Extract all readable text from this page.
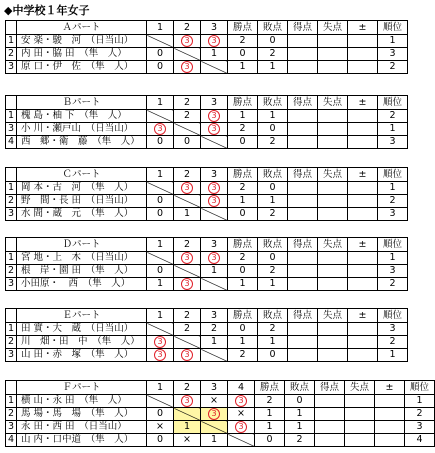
◆中学校１年女子
	Ａパート	1	2	3	勝点	敗点	得点	失点	±	順位
1	安 楽・駿　河　（日当山）		3	3	2	0				1
2	内 田・脇 田　（隼　人）	0		1	0	2				3
3	原 口・伊　佐　（隼　人）	0	3		1	1				2
	Ｂパート	1	2	3	勝点	敗点	得点	失点	±	順位
1	槐 島・柚 下　（隼　人）		2	3	1	1				2
3	小 川・瀬戸山　（日当山）	3		3	2	0				1
4	西　郷・衛　藤　（隼　人）	0	0		0	2				3
	Ｃパート	1	2	3	勝点	敗点	得点	失点	±	順位
1	岡 本・古　河　（隼　人）		3	3	2	0				1
2	野　間・長 田　（日当山）	0		3	1	1				2
3	水 間・蔵　元　（隼　人）	0	1		0	2				3
	Ｄパート	1	2	3	勝点	敗点	得点	失点	±	順位
1	宮 地・上　木　（日当山）		3	3	2	0				1
2	根　岸・園 田　（隼　人）	0		1	0	2				3
3	小田原・　西　（隼　人）	1	3		1	1				2
	Ｅパート	1	2	3	勝点	敗点	得点	失点	±	順位
1	田 實・大　蔵　（日当山）		2	2	0	2				3
2	川　畑・田　中　（隼　人）	3		1	1	1				2
3	山 田・赤　塚　（隼　人）	3	3		2	0				1
	Ｆパート	1	2	3	4	勝点	敗点	得点	失点	±	順位
1	横 山・永 田　（隼　人）		3	×	3	2	0				1
2	馬 場・馬　場　（隼　人）	0		3	×	1	1				2
3	永 田・西 田　（日当山）	×	1		3	1	1				3
4	山 内・口中道　（隼　人）	0	×	1		0	2				4
